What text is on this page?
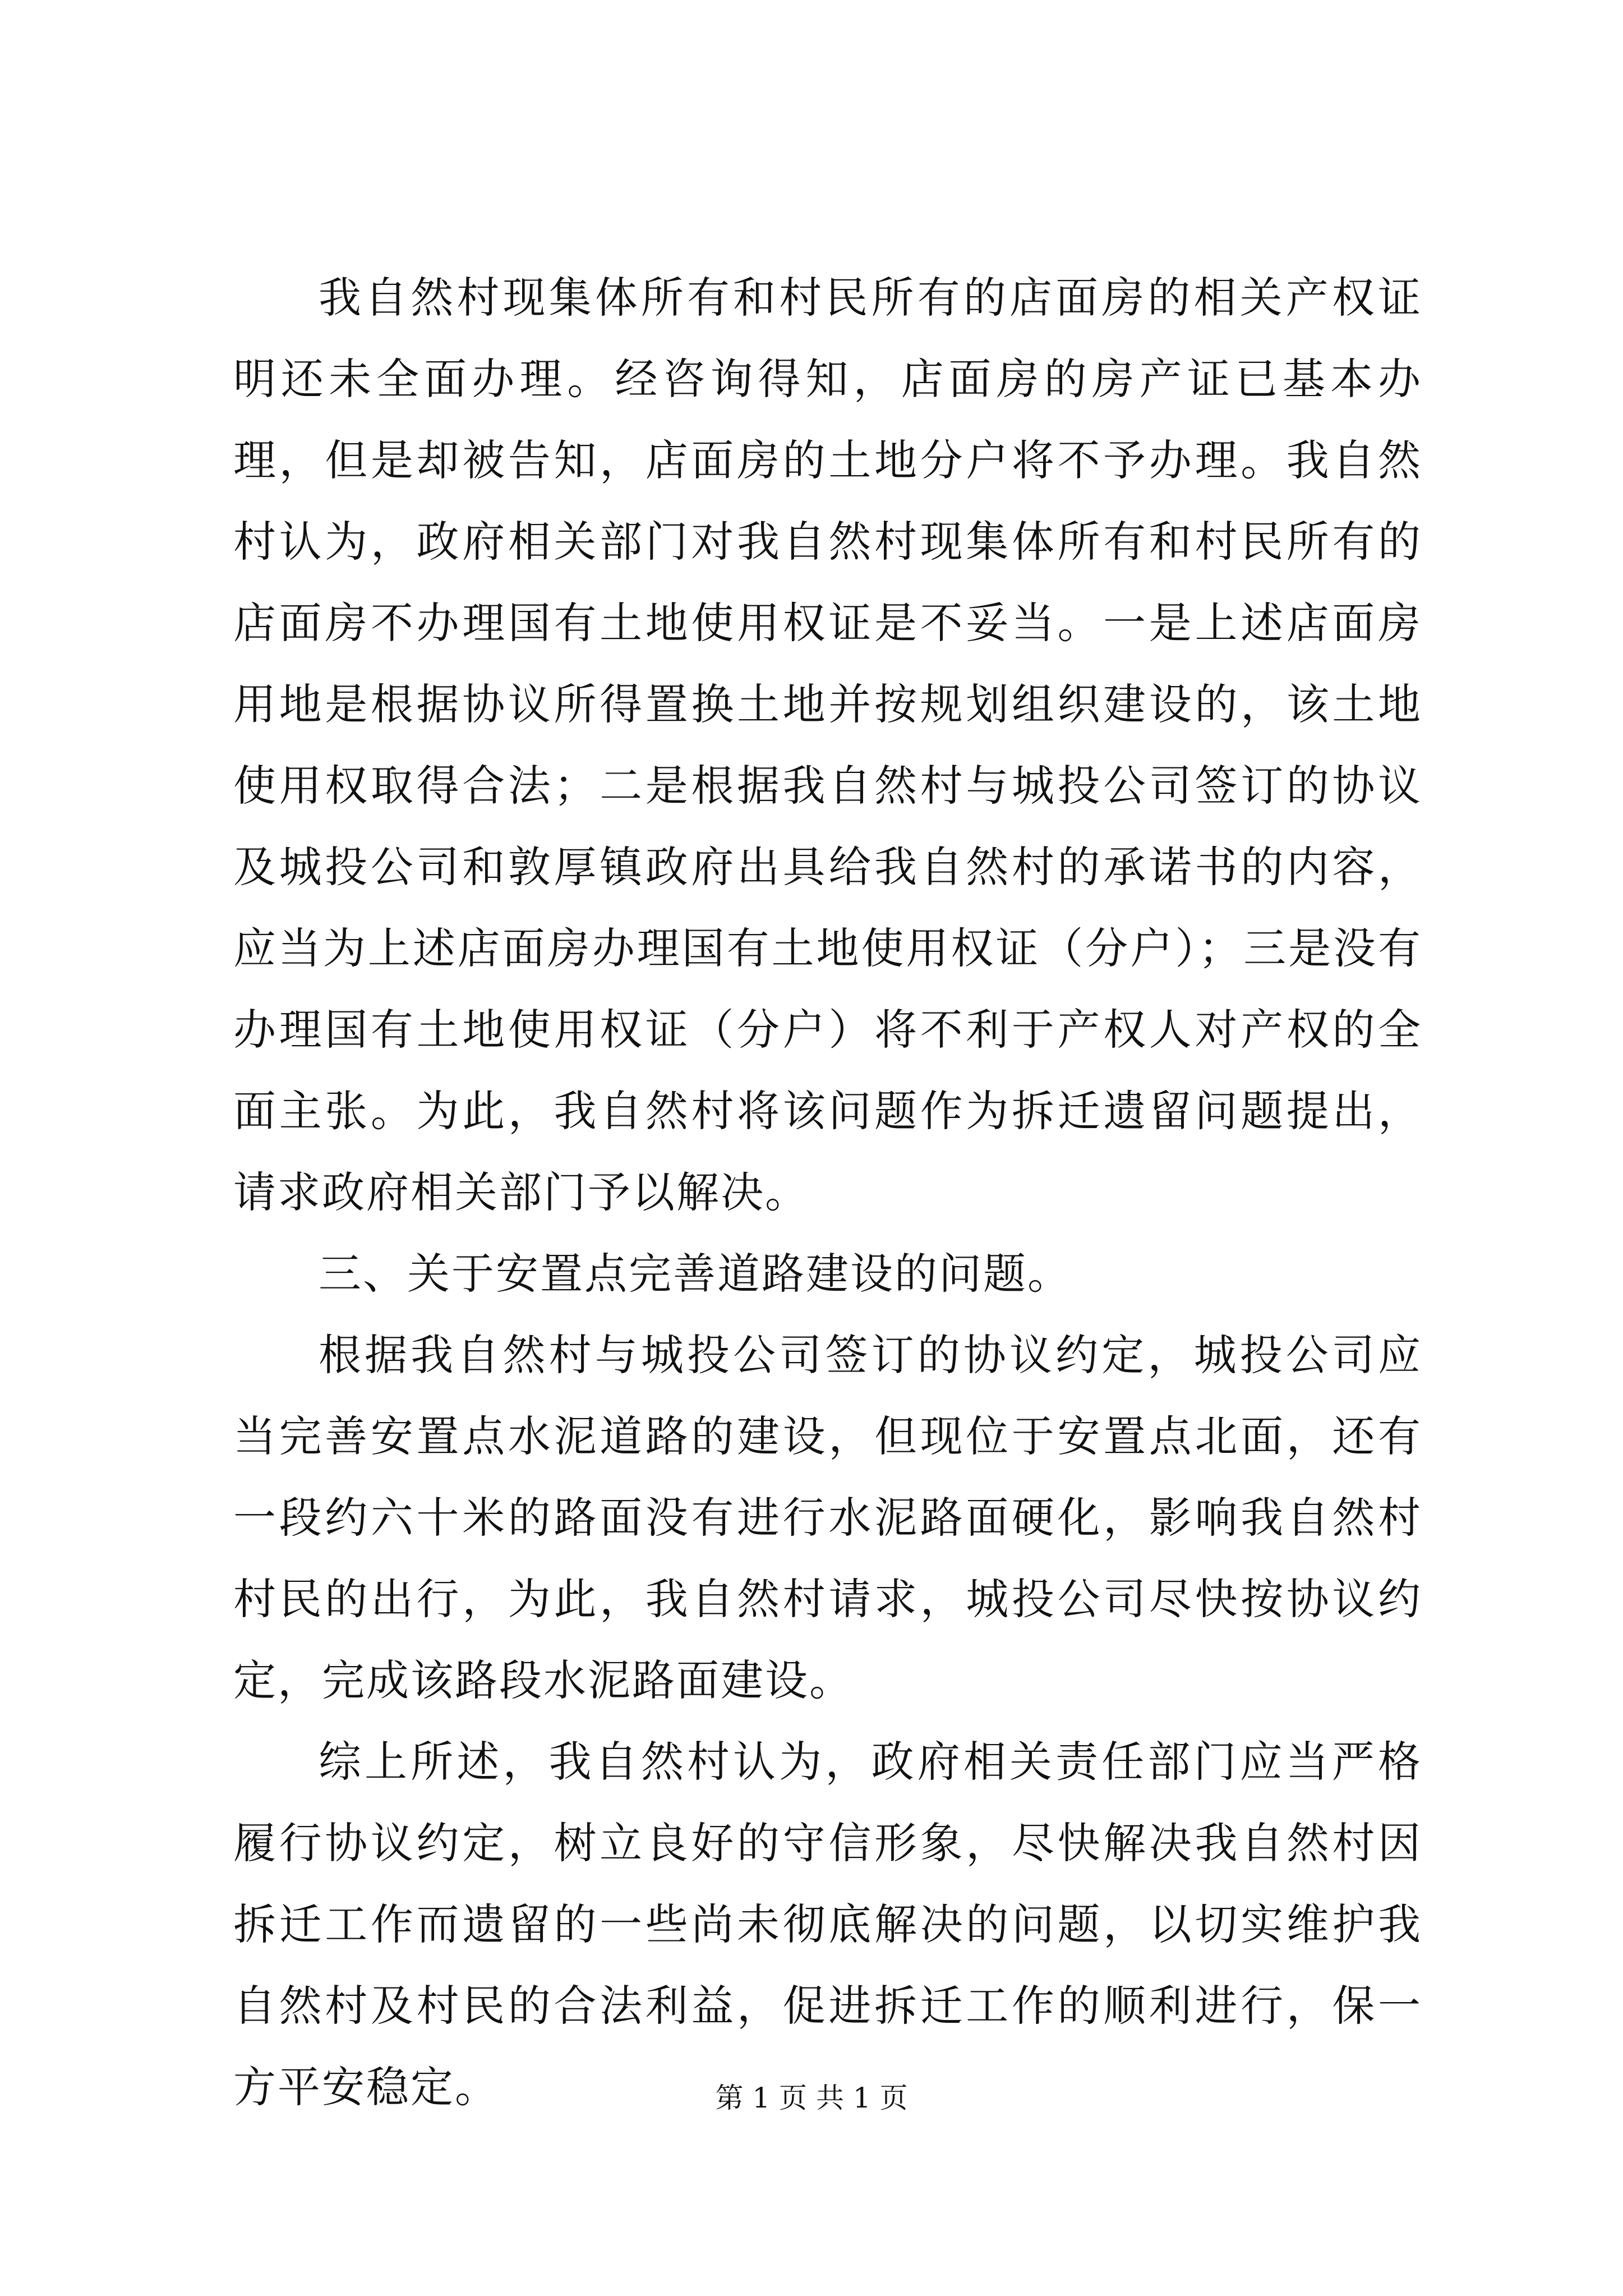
我自然村现集体所有和村民所有的店面房的相关产权证明还未全面办理。经咨询得知，店面房的房产证已基本办理，但是却被告知，店面房的土地分户将不予办理。我自然村认为，政府相关部门对我自然村现集体所有和村民所有的店面房不办理国有土地使用权证是不妥当。一是上述店面房用地是根据协议所得置换土地并按规划组织建设的，该土地使用权取得合法；二是根据我自然村与城投公司签订的协议及城投公司和敦厚镇政府出具给我自然村的承诺书的内容，应当为上述店面房办理国有土地使用权证（分户）；三是没有办理国有土地使用权证（分户）将不利于产权人对产权的全面主张。为此，我自然村将该问题作为拆迁遗留问题提出，请求政府相关部门予以解决。

三、关于安置点完善道路建设的问题。

根据我自然村与城投公司签订的协议约定，城投公司应当完善安置点水泥道路的建设，但现位于安置点北面，还有一段约六十米的路面没有进行水泥路面硬化，影响我自然村村民的出行，为此，我自然村请求，城投公司尽快按协议约定，完成该路段水泥路面建设。

综上所述，我自然村认为，政府相关责任部门应当严格履行协议约定，树立良好的守信形象，尽快解决我自然村因拆迁工作而遗留的一些尚未彻底解决的问题，以切实维护我自然村及村民的合法利益，促进拆迁工作的顺利进行，保一方平安稳定。	第 1 页 共 1 页
